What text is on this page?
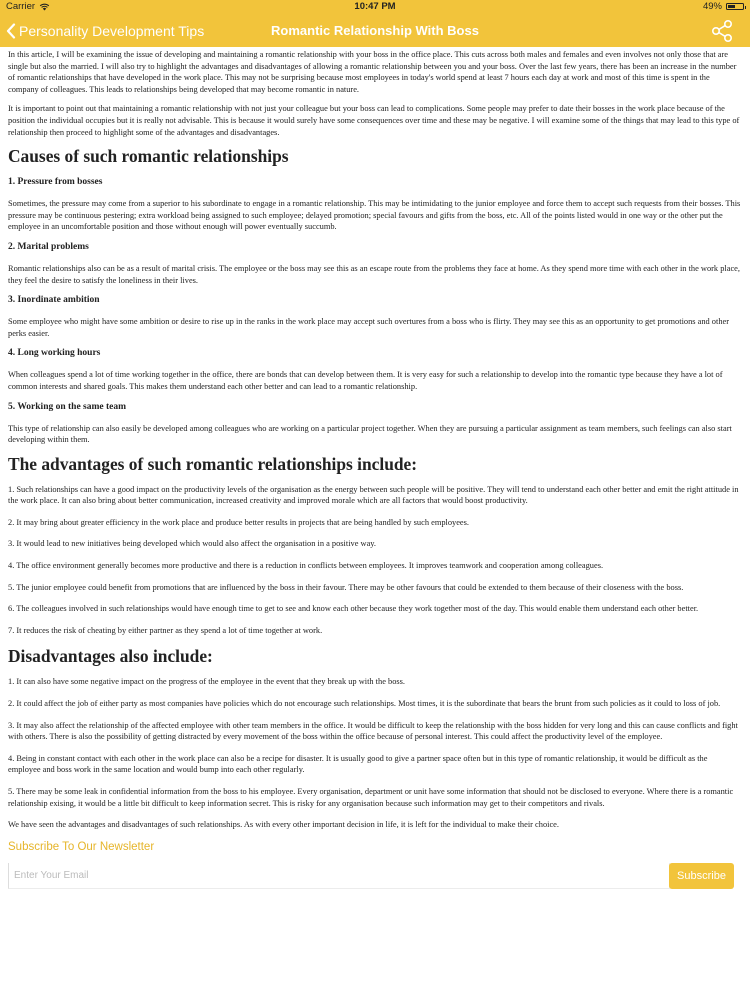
Carrier	10:47 PM	49%
Personality Development Tips	Romantic Relationship With Boss

In this article, I will be examining the issue of developing and maintaining a romantic relationship with your boss in the office place. This cuts across both males and females and even involves not only those that are single but also the married. I will also try to highlight the advantages and disadvantages of allowing a romantic relationship between you and your boss. Over the last few years, there has been an increase in the number of romantic relationships that have developed in the work place. This may not be surprising because most employees in today's world spend at least 7 hours each day at work and most of this time is spent in the company of colleagues. This leads to relationships being developed that may become romantic in nature.

It is important to point out that maintaining a romantic relationship with not just your colleague but your boss can lead to complications. Some people may prefer to date their bosses in the work place because of the position the individual occupies but it is really not advisable. This is because it would surely have some consequences over time and these may be negative. I will examine some of the things that may lead to this type of relationship then proceed to highlight some of the advantages and disadvantages.

Causes of such romantic relationships
1. Pressure from bosses

Sometimes, the pressure may come from a superior to his subordinate to engage in a romantic relationship. This may be intimidating to the junior employee and force them to accept such requests from their bosses. This pressure may be continuous pestering; extra workload being assigned to such employee; delayed promotion; special favours and gifts from the boss, etc. All of the points listed would in one way or the other put the employee in an uncomfortable position and those without enough will power eventually succumb.

2. Marital problems

Romantic relationships also can be as a result of marital crisis. The employee or the boss may see this as an escape route from the problems they face at home. As they spend more time with each other in the work place, they feel the desire to satisfy the loneliness in their lives.

3. Inordinate ambition

Some employee who might have some ambition or desire to rise up in the ranks in the work place may accept such overtures from a boss who is flirty. They may see this as an opportunity to get promotions and other perks easier.

4. Long working hours

When colleagues spend a lot of time working together in the office, there are bonds that can develop between them. It is very easy for such a relationship to develop into the romantic type because they have a lot of common interests and shared goals. This makes them understand each other better and can lead to a romantic relationship.

5. Working on the same team

This type of relationship can also easily be developed among colleagues who are working on a particular project together. When they are pursuing a particular assignment as team members, such feelings can also start developing within them.

The advantages of such romantic relationships include:

1. Such relationships can have a good impact on the productivity levels of the organisation as the energy between such people will be positive. They will tend to understand each other better and emit the right attitude in the work place. It can also bring about better communication, increased creativity and improved morale which are all factors that would boost productivity.

2. It may bring about greater efficiency in the work place and produce better results in projects that are being handled by such employees.

3. It would lead to new initiatives being developed which would also affect the organisation in a positive way.

4. The office environment generally becomes more productive and there is a reduction in conflicts between employees. It improves teamwork and cooperation among colleagues.

5. The junior employee could benefit from promotions that are influenced by the boss in their favour. There may be other favours that could be extended to them because of their closeness with the boss.

6. The colleagues involved in such relationships would have enough time to get to see and know each other because they work together most of the day. This would enable them understand each other better.

7. It reduces the risk of cheating by either partner as they spend a lot of time together at work.

Disadvantages also include:

1. It can also have some negative impact on the progress of the employee in the event that they break up with the boss.

2. It could affect the job of either party as most companies have policies which do not encourage such relationships. Most times, it is the subordinate that bears the brunt from such policies as it could to loss of job.

3. It may also affect the relationship of the affected employee with other team members in the office. It would be difficult to keep the relationship with the boss hidden for very long and this can cause conflicts and fight with others. There is also the possibility of getting distracted by every movement of the boss within the office because of personal interest. This could affect the productivity level of the employee.

4. Being in constant contact with each other in the work place can also be a recipe for disaster. It is usually good to give a partner space often but in this type of romantic relationship, it would be difficult as the employee and boss work in the same location and would bump into each other regularly.

5. There may be some leak in confidential information from the boss to his employee. Every organisation, department or unit have some information that should not be disclosed to everyone. Where there is a romantic relationship exising, it would be a little bit difficult to keep information secret. This is risky for any organisation because such information may get to their competitors and rivals.

We have seen the advantages and disadvantages of such relationships. As with every other important decision in life, it is left for the individual to make their choice.

Subscribe To Our Newsletter
Enter Your Email
Subscribe
